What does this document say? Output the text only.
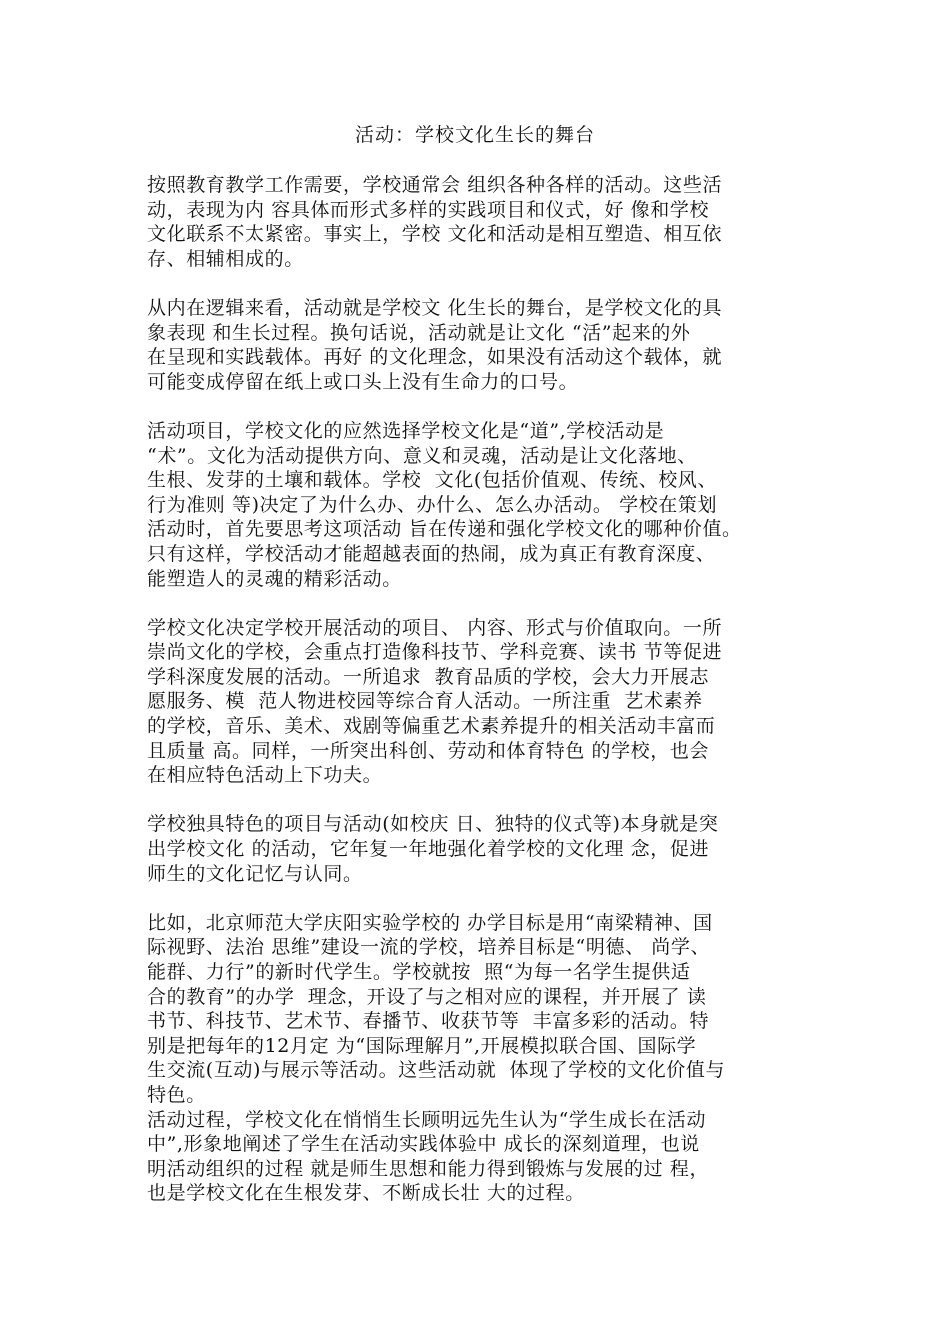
活动：学校文化生长的舞台
按照教育教学工作需要，学校通常会 组织各种各样的活动。这些活
动，表现为内 容具体而形式多样的实践项目和仪式，好 像和学校
文化联系不太紧密。事实上，学校 文化和活动是相互塑造、相互依
存、相辅相成的。
从内在逻辑来看，活动就是学校文 化生长的舞台，是学校文化的具
象表现 和生长过程。换句话说，活动就是让文化 “活”起来的外
在呈现和实践载体。再好 的文化理念，如果没有活动这个载体，就
可能变成停留在纸上或口头上没有生命力的口号。
活动项目，学校文化的应然选择学校文化是“道”,学校活动是
“术”。文化为活动提供方向、意义和灵魂，活动是让文化落地、
生根、发芽的土壤和载体。学校  文化(包括价值观、传统、校风、
行为准则 等)决定了为什么办、办什么、怎么办活动。 学校在策划
活动时，首先要思考这项活动 旨在传递和强化学校文化的哪种价值。
只有这样，学校活动才能超越表面的热闹，成为真正有教育深度、
能塑造人的灵魂的精彩活动。
学校文化决定学校开展活动的项目、 内容、形式与价值取向。一所
崇尚文化的学校，会重点打造像科技节、学科竞赛、读书 节等促进
学科深度发展的活动。一所追求  教育品质的学校，会大力开展志
愿服务、模  范人物进校园等综合育人活动。一所注重  艺术素养
的学校，音乐、美术、戏剧等偏重艺术素养提升的相关活动丰富而
且质量 高。同样，一所突出科创、劳动和体育特色 的学校，也会
在相应特色活动上下功夫。
学校独具特色的项目与活动(如校庆 日、独特的仪式等)本身就是突
出学校文化 的活动，它年复一年地强化着学校的文化理 念，促进
师生的文化记忆与认同。
比如，北京师范大学庆阳实验学校的 办学目标是用“南梁精神、国
际视野、法治 思维”建设一流的学校，培养目标是“明德、 尚学、
能群、力行”的新时代学生。学校就按  照“为每一名学生提供适
合的教育”的办学  理念，开设了与之相对应的课程，并开展了 读
书节、科技节、艺术节、春播节、收获节等  丰富多彩的活动。特
别是把每年的12月定 为“国际理解月”,开展模拟联合国、国际学
生交流(互动)与展示等活动。这些活动就  体现了学校的文化价值与
特色。
活动过程，学校文化在悄悄生长顾明远先生认为“学生成长在活动
中”,形象地阐述了学生在活动实践体验中 成长的深刻道理，也说
明活动组织的过程 就是师生思想和能力得到锻炼与发展的过 程，
也是学校文化在生根发芽、不断成长壮 大的过程。
